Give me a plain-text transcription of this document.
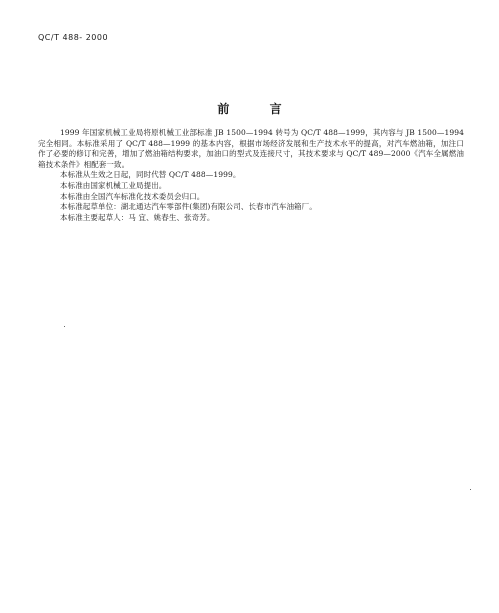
QC/T 488- 2000
前 言

1999 年国家机械工业局将原机械工业部标准 JB 1500—1994 转号为 QC/T 488—1999，其内容与 JB 1500—1994 完全相同。本标准采用了 QC/T 488—1999 的基本内容，根据市场经济发展和生产技术水平的提高，对汽车燃油箱，加注口作了必要的修订和完善，增加了燃油箱结构要求，加油口的型式及连接尺寸，其技术要求与 QC/T 489—2000《汽车全属燃油箱技术条件》相配套一致。

本标准从生效之日起，同时代替 QC/T 488—1999。

本标准由国家机械工业局提出。

本标准由全国汽车标准化技术委员会归口。

本标准起草单位：湖北通达汽车零部件(集团)有限公司、长春市汽车油箱厂。

本标准主要起草人：马 宜、姚春生、张奇芳。
